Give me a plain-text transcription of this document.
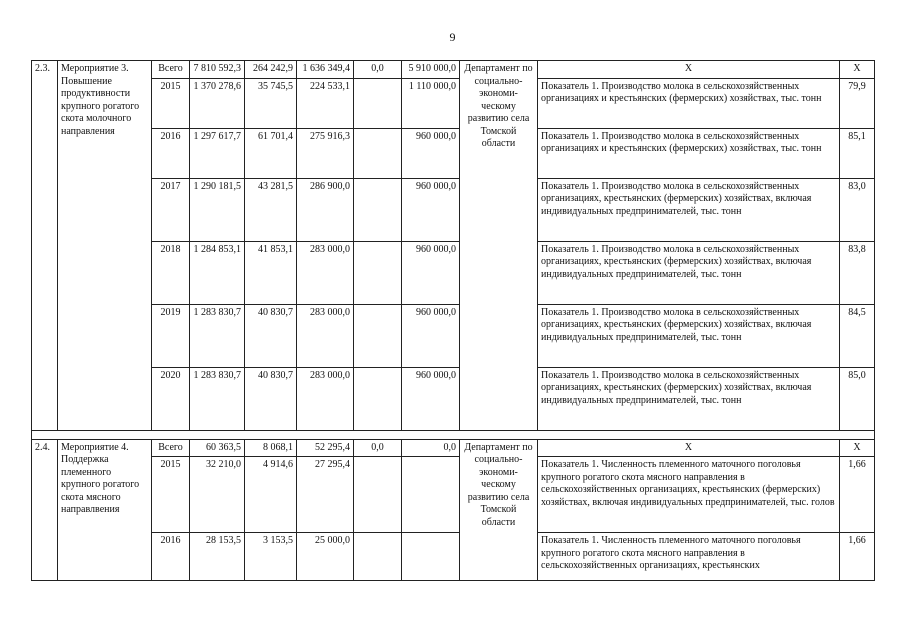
9
2.3.	Мероприятие 3. Повышение продуктивности крупного рогатого скота молочного направления	Всего	7 810 592,3	264 242,9	1 636 349,4	0,0	5 910 000,0	Департамент по социально-экономи-ческому развитию села Томской области	Х	Х
		2015	1 370 278,6	35 745,5	224 533,1		1 110 000,0		Показатель 1. Производство молока в сельскохозяйственных организациях и крестьянских (фермерских) хозяйствах, тыс. тонн	79,9
		2016	1 297 617,7	61 701,4	275 916,3		960 000,0		Показатель 1. Производство молока в сельскохозяйственных организациях и крестьянских (фермерских) хозяйствах, тыс. тонн	85,1
		2017	1 290 181,5	43 281,5	286 900,0		960 000,0		Показатель 1. Производство молока в сельскохозяйственных организациях, крестьянских (фермерских) хозяйствах, включая индивидуальных предпринимателей, тыс. тонн	83,0
		2018	1 284 853,1	41 853,1	283 000,0		960 000,0		Показатель 1. Производство молока в сельскохозяйственных организациях, крестьянских (фермерских) хозяйствах, включая индивидуальных предпринимателей, тыс. тонн	83,8
		2019	1 283 830,7	40 830,7	283 000,0		960 000,0		Показатель 1. Производство молока в сельскохозяйственных организациях, крестьянских (фермерских) хозяйствах, включая индивидуальных предпринимателей, тыс. тонн	84,5
		2020	1 283 830,7	40 830,7	283 000,0		960 000,0		Показатель 1. Производство молока в сельскохозяйственных организациях, крестьянских (фермерских) хозяйствах, включая индивидуальных предпринимателей, тыс. тонн	85,0

2.4.	Мероприятие 4. Поддержка племенного крупного рогатого скота мясного направлвения	Всего	60 363,5	8 068,1	52 295,4	0,0	0,0	Департамент по социально-экономи-ческому развитию села Томской области	Х	Х
		2015	32 210,0	4 914,6	27 295,4				Показатель 1. Численность племенного маточного поголовья крупного рогатого скота мясного направления в сельскохозяйственных организациях, крестьянских (фермерских) хозяйствах, включая индивидуальных предпринимателей, тыс. голов	1,66
		2016	28 153,5	3 153,5	25 000,0				Показатель 1. Численность племенного маточного поголовья крупного рогатого скота мясного направления в сельскохозяйственных организациях, крестьянских	1,66
